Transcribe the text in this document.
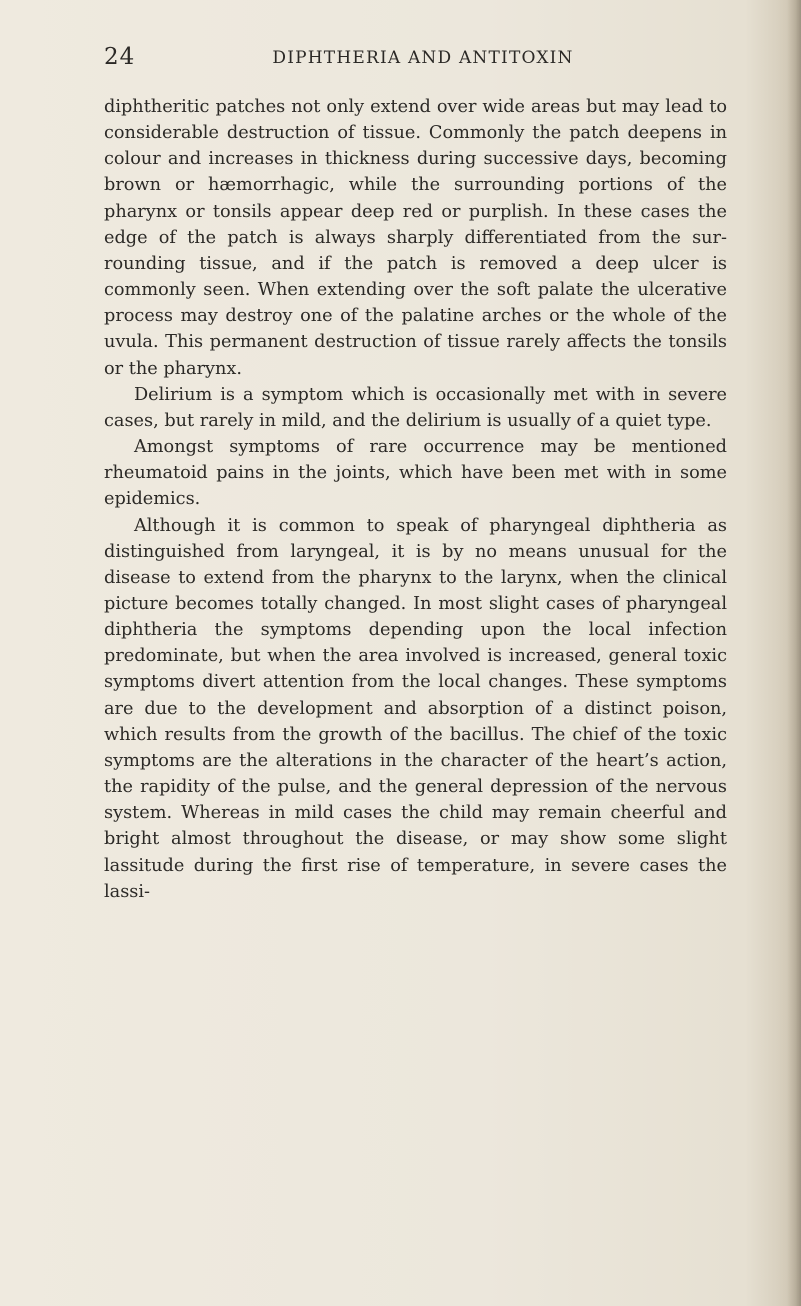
24	DIPHTHERIA AND ANTITOXIN

diphtheritic patches not only extend over wide areas but may lead to considerable destruction of tissue. Commonly the patch deepens in colour and increases in thickness during successive days, becoming brown or hæmorrhagic, while the surrounding portions of the pharynx or tonsils appear deep red or purplish. In these cases the edge of the patch is always sharply differentiated from the surrounding tissue, and if the patch is removed a deep ulcer is commonly seen. When extending over the soft palate the ulcerative process may destroy one of the palatine arches or the whole of the uvula. This permanent destruction of tissue rarely affects the tonsils or the pharynx.

Delirium is a symptom which is occasionally met with in severe cases, but rarely in mild, and the delirium is usually of a quiet type.

Amongst symptoms of rare occurrence may be mentioned rheumatoid pains in the joints, which have been met with in some epidemics.

Although it is common to speak of pharyngeal diphtheria as distinguished from laryngeal, it is by no means unusual for the disease to extend from the pharynx to the larynx, when the clinical picture becomes totally changed. In most slight cases of pharyngeal diphtheria the symptoms depending upon the local infection predominate, but when the area involved is increased, general toxic symptoms divert attention from the local changes. These symptoms are due to the development and absorption of a distinct poison, which results from the growth of the bacillus. The chief of the toxic symptoms are the alterations in the character of the heart’s action, the rapidity of the pulse, and the general depression of the nervous system. Whereas in mild cases the child may remain cheerful and bright almost throughout the disease, or may show some slight lassitude during the first rise of temperature, in severe cases the lassi-
